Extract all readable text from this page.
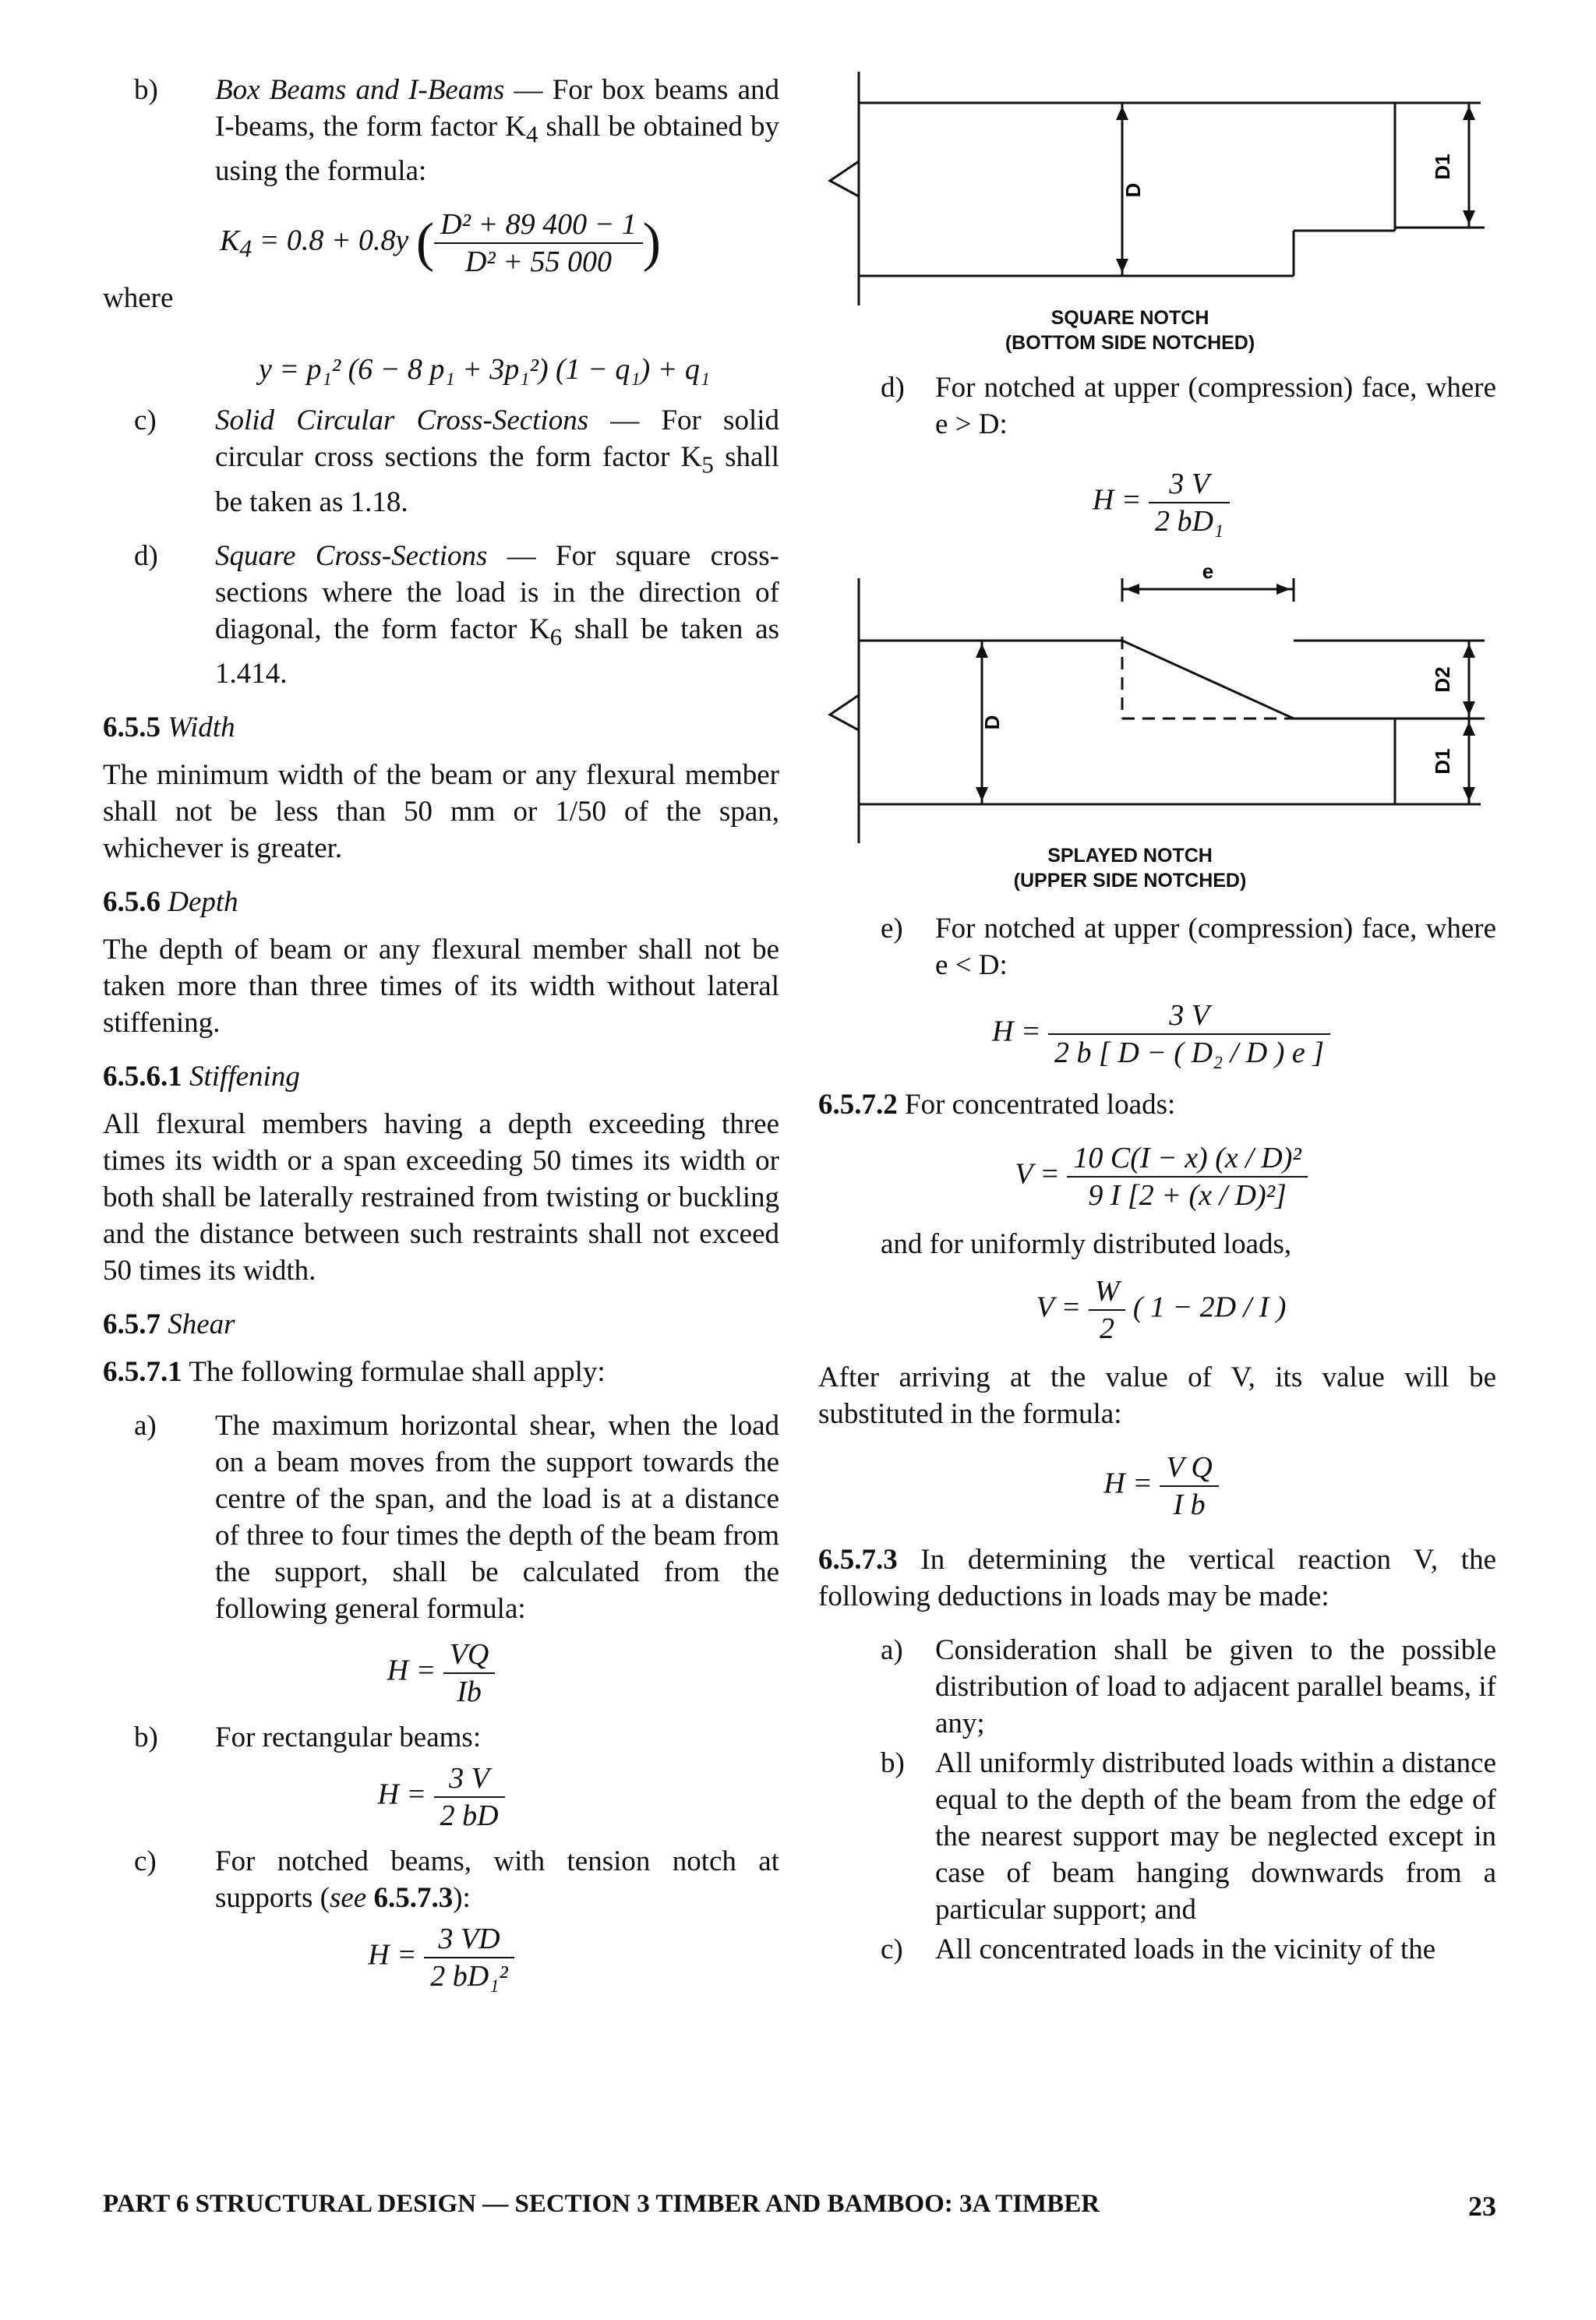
b) Box Beams and I-Beams — For box beams and I-beams, the form factor $K_4$ shall be obtained by using the formula:
$K_4 = 0.8 + 0.8y$ ( $\frac{\text{D² + 89 400 − 1}}{\text{D² + 55 000}}$ )

where

y = p₁² (6 − 8 p₁ + 3p₁²) (1 − q₁) + q₁
c) Solid Circular Cross-Sections — For solid circular cross sections the form factor $K_5$ shall be taken as 1.18.
d) Square Cross-Sections — For square cross-sections where the load is in the direction of diagonal, the form factor $K_6$ shall be taken as 1.414.
6.5.5 Width

The minimum width of the beam or any flexural member shall not be less than 50 mm or 1/50 of the span, whichever is greater.

6.5.6 Depth

The depth of beam or any flexural member shall not be taken more than three times of its width without lateral stiffening.

6.5.6.1 Stiffening

All flexural members having a depth exceeding three times its width or a span exceeding 50 times its width or both shall be laterally restrained from twisting or buckling and the distance between such restraints shall not exceed 50 times its width.

6.5.7 Shear

6.5.7.1 The following formulae shall apply:

a) The maximum horizontal shear, when the load on a beam moves from the support towards the centre of the span, and the load is at a distance of three to four times the depth of the beam from the support, shall be calculated from the following general formula:
$H = \frac{VQ}{Ib}$
b) For rectangular beams:
$H = \frac{3 V}{2 bD}$
c) For notched beams, with tension notch at supports (see 6.5.7.3):
$H = \frac{3 VD}{\text{2 bD₁²}}$
D
D1
SQUARE NOTCH
(BOTTOM SIDE NOTCHED)
d) For notched at upper (compression) face, where e > D:
$H = \frac{3 V}{\text{2 bD₁}}$
e
D
D2
D1
SPLAYED NOTCH
(UPPER SIDE NOTCHED)
e) For notched at upper (compression) face, where e < D:
$H = \frac{3 V}{\text{2 b [ D − ( D₂ / D ) e ]}}$

6.5.7.2 For concentrated loads:

$V = \frac{\text{10 C(I − x) (x / D)²}}{\text{9 I [2 + (x / D)²]}}$

and for uniformly distributed loads,

$V = \frac{W}{2}$ ( 1 − 2D / I )

After arriving at the value of V, its value will be substituted in the formula:

$H = \frac{\text{V Q}}{\text{I b}}$

6.5.7.3 In determining the vertical reaction V, the following deductions in loads may be made:

a) Consideration shall be given to the possible distribution of load to adjacent parallel beams, if any;
b) All uniformly distributed loads within a distance equal to the depth of the beam from the edge of the nearest support may be neglected except in case of beam hanging downwards from a particular support; and
c) All concentrated loads in the vicinity of the
PART 6 STRUCTURAL DESIGN — SECTION 3 TIMBER AND BAMBOO: 3A TIMBER	23
